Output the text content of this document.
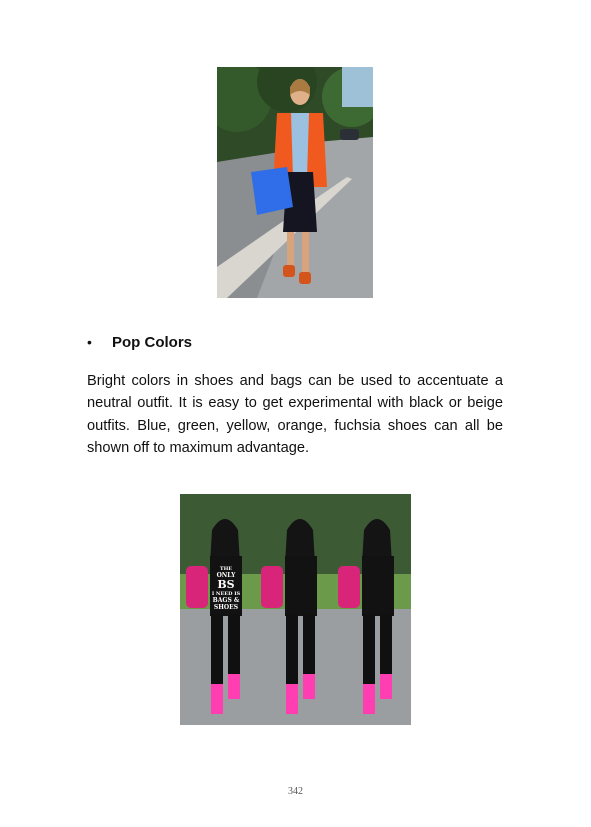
•	Pop Colors
Bright colors in shoes and bags can be used to accentuate a neutral outfit. It is easy to get experimental with black or beige outfits. Blue, green, yellow, orange, fuchsia shoes can all be shown off to maximum advantage.
THE
ONLY
BS
I NEED IS
BAGS &
SHOES
342
